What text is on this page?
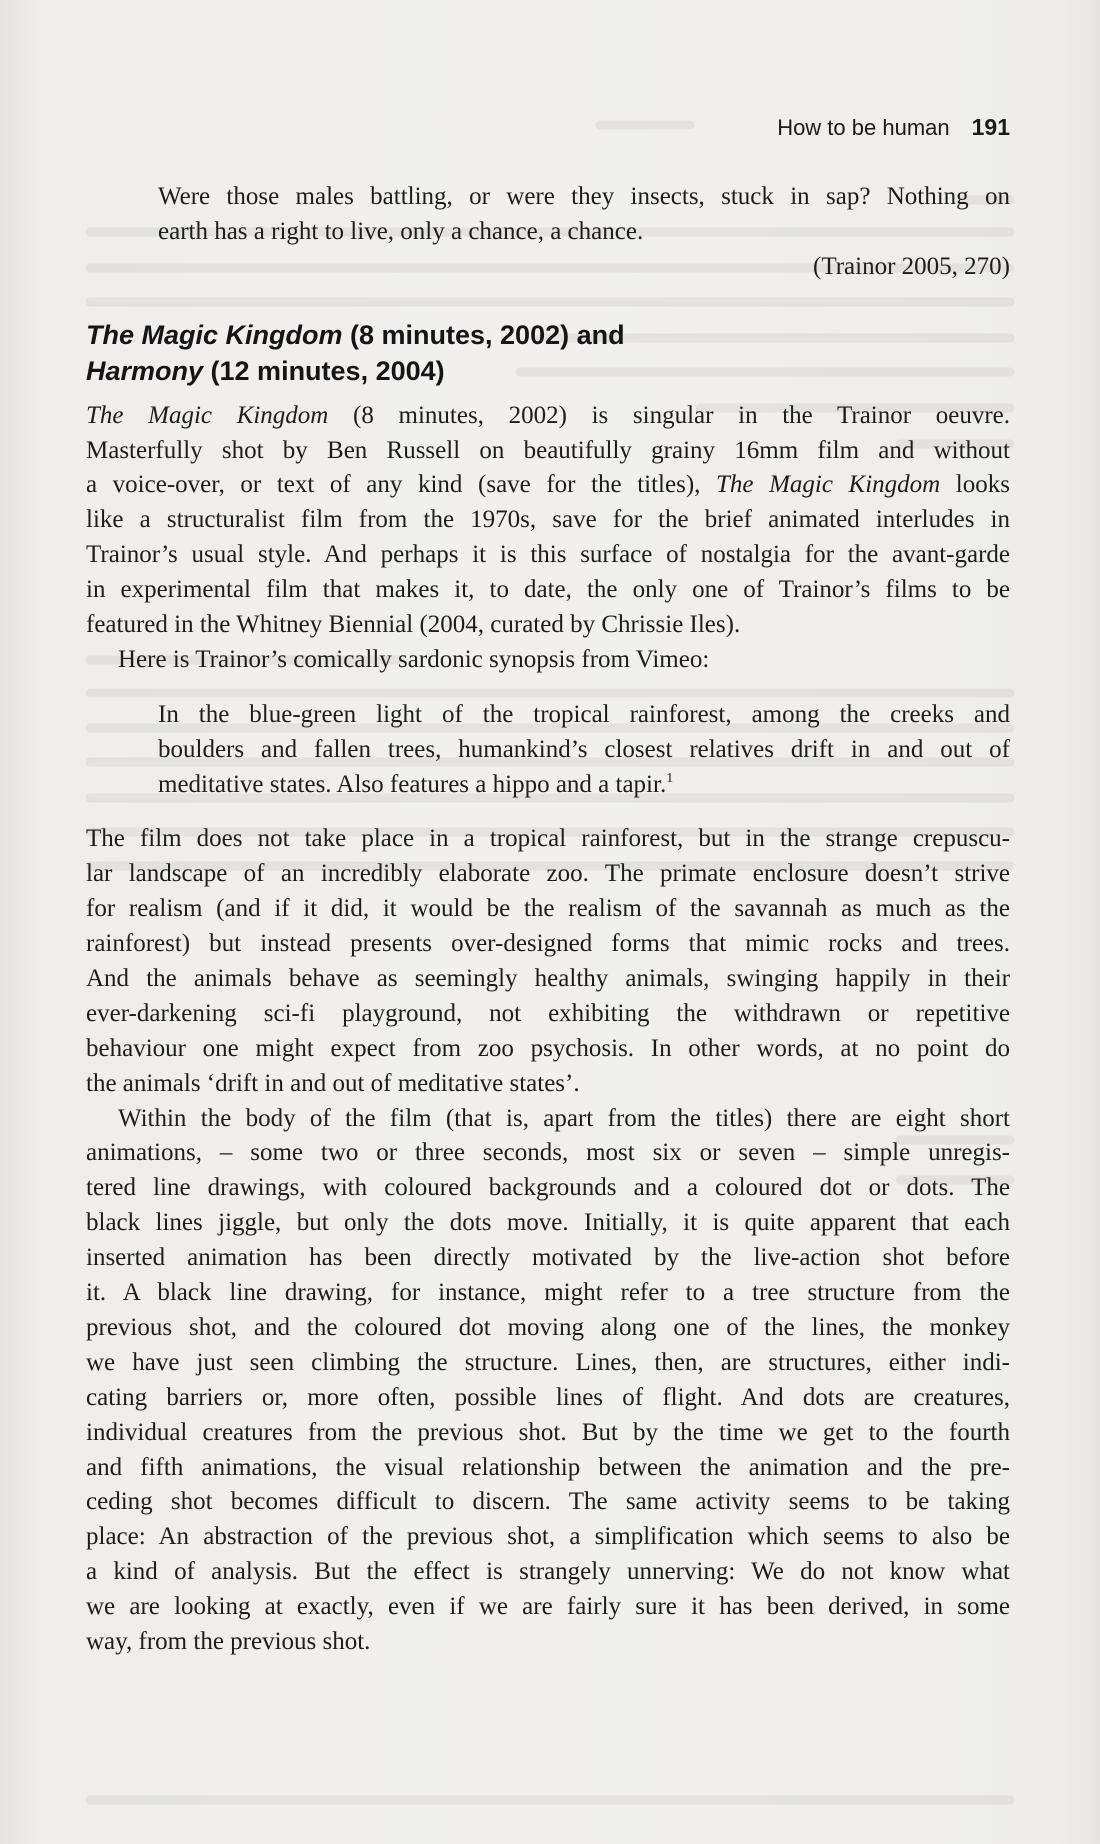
How to be human 191
Were those males battling, or were they insects, stuck in sap? Nothing on
earth has a right to live, only a chance, a chance.
(Trainor 2005, 270)
The Magic Kingdom (8 minutes, 2002) and
Harmony (12 minutes, 2004)
The Magic Kingdom (8 minutes, 2002) is singular in the Trainor oeuvre.
Masterfully shot by Ben Russell on beautifully grainy 16mm film and without
a voice-over, or text of any kind (save for the titles), The Magic Kingdom looks
like a structuralist film from the 1970s, save for the brief animated interludes in
Trainor’s usual style. And perhaps it is this surface of nostalgia for the avant-garde
in experimental film that makes it, to date, the only one of Trainor’s films to be
featured in the Whitney Biennial (2004, curated by Chrissie Iles).
Here is Trainor’s comically sardonic synopsis from Vimeo:
In the blue-green light of the tropical rainforest, among the creeks and
boulders and fallen trees, humankind’s closest relatives drift in and out of
meditative states. Also features a hippo and a tapir.$^1$
The film does not take place in a tropical rainforest, but in the strange crepuscu-
lar landscape of an incredibly elaborate zoo. The primate enclosure doesn’t strive
for realism (and if it did, it would be the realism of the savannah as much as the
rainforest) but instead presents over-designed forms that mimic rocks and trees.
And the animals behave as seemingly healthy animals, swinging happily in their
ever-darkening sci-fi playground, not exhibiting the withdrawn or repetitive
behaviour one might expect from zoo psychosis. In other words, at no point do
the animals ‘drift in and out of meditative states’.
Within the body of the film (that is, apart from the titles) there are eight short
animations, – some two or three seconds, most six or seven – simple unregis-
tered line drawings, with coloured backgrounds and a coloured dot or dots. The
black lines jiggle, but only the dots move. Initially, it is quite apparent that each
inserted animation has been directly motivated by the live-action shot before
it. A black line drawing, for instance, might refer to a tree structure from the
previous shot, and the coloured dot moving along one of the lines, the monkey
we have just seen climbing the structure. Lines, then, are structures, either indi-
cating barriers or, more often, possible lines of flight. And dots are creatures,
individual creatures from the previous shot. But by the time we get to the fourth
and fifth animations, the visual relationship between the animation and the pre-
ceding shot becomes difficult to discern. The same activity seems to be taking
place: An abstraction of the previous shot, a simplification which seems to also be
a kind of analysis. But the effect is strangely unnerving: We do not know what
we are looking at exactly, even if we are fairly sure it has been derived, in some
way, from the previous shot.
